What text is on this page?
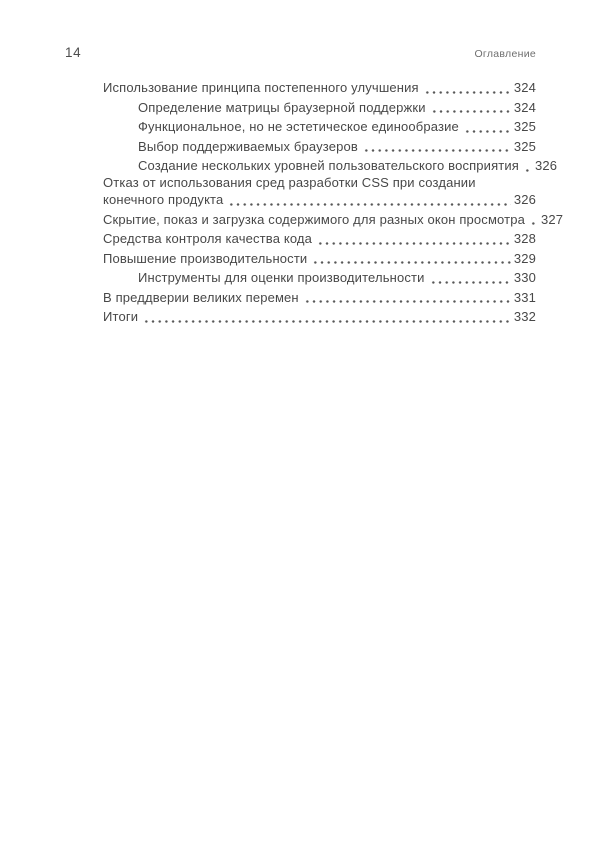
14	Оглавление
Использование принципа постепенного улучшения	324
Определение матрицы браузерной поддержки	324
Функциональное, но не эстетическое единообразие	325
Выбор поддерживаемых браузеров	325
Создание нескольких уровней пользовательского восприятия 326
Отказ от использования сред разработки CSS при создании
конечного продукта	326
Скрытие, показ и загрузка содержимого для разных окон просмотра 327
Средства контроля качества кода	328
Повышение производительности	329
Инструменты для оценки производительности	330
В преддверии великих перемен	331
Итоги	332
